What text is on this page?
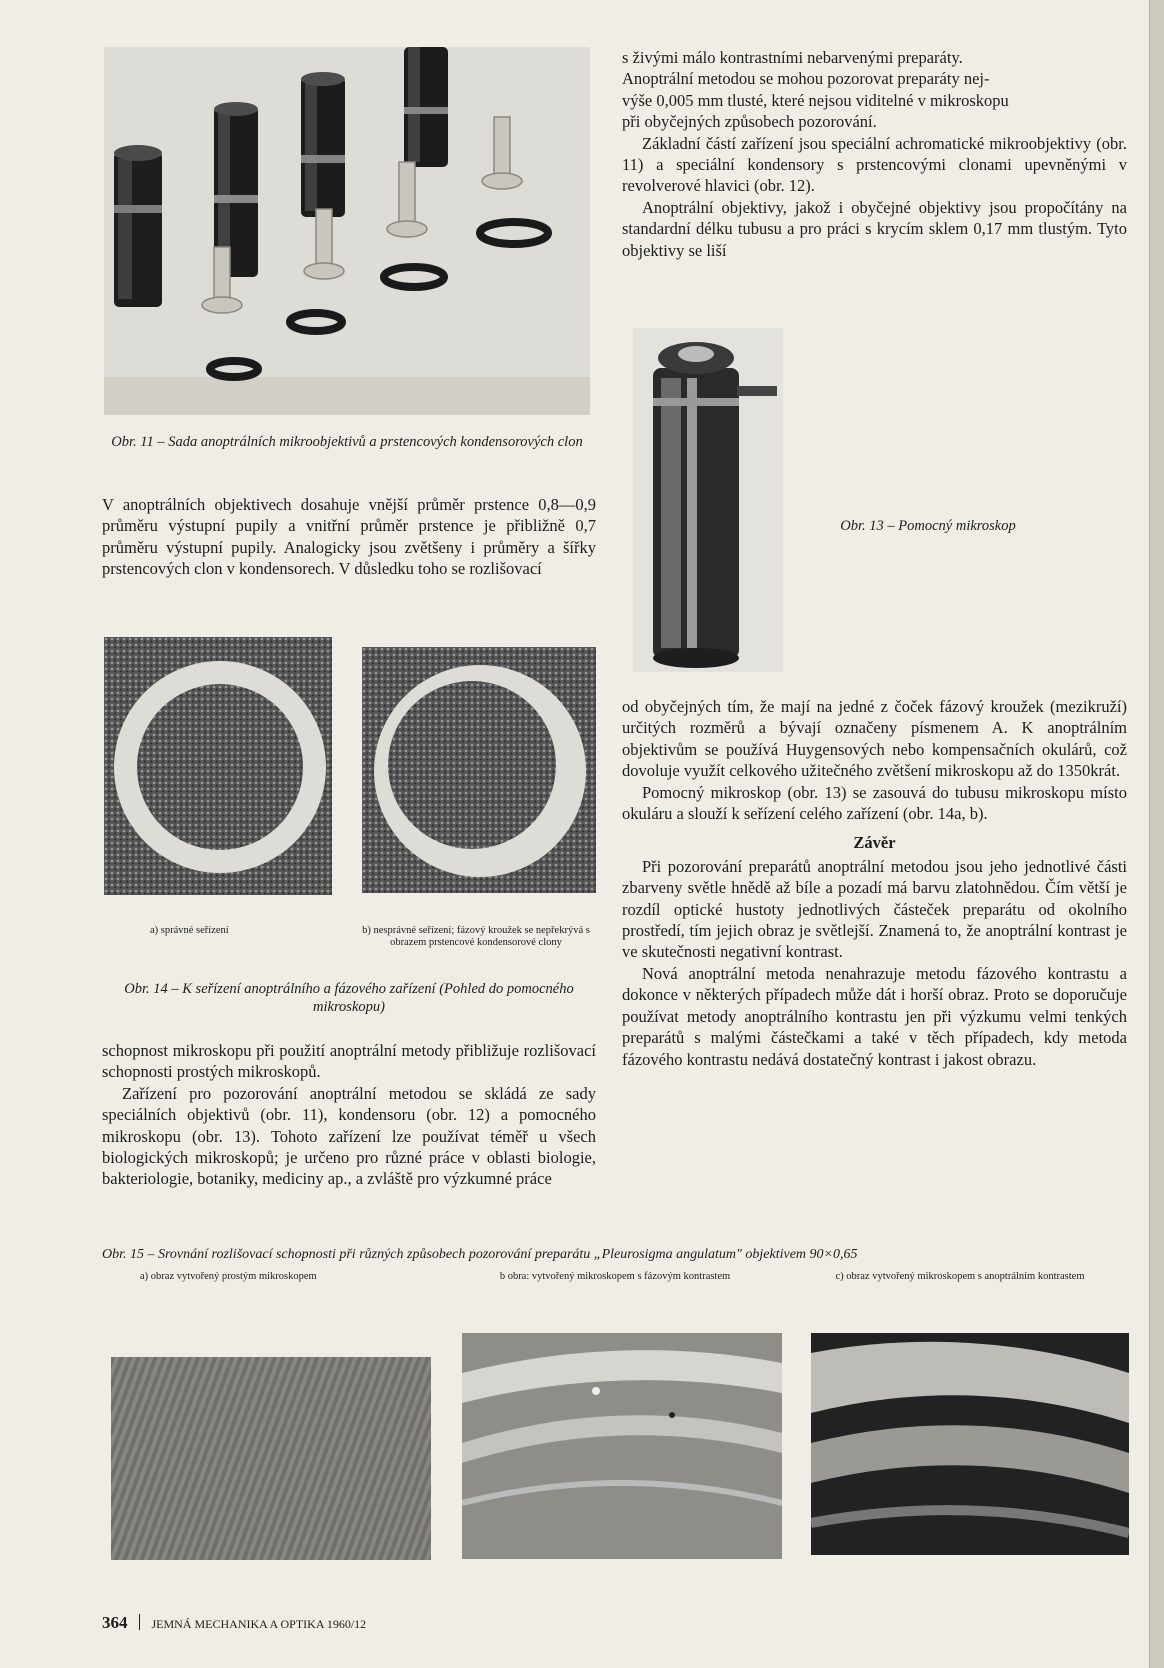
Obr. 11 – Sada anoptrálních mikroobjektivů a prstencových kondensorových clon

s živými málo kontrastními nebarvenými preparáty.

Anoptrální metodou se mohou pozorovat preparáty nej-

výše 0,005 mm tlusté, které nejsou viditelné v mikroskopu

při obyčejných způsobech pozorování.

Základní částí zařízení jsou speciální achromatické mikroobjektivy (obr. 11) a speciální kondensory s prstencovými clonami upevněnými v revolverové hlavici (obr. 12).

Anoptrální objektivy, jakož i obyčejné objektivy jsou propočítány na standardní délku tubusu a pro práci s krycím sklem 0,17 mm tlustým. Tyto objektivy se liší

Obr. 13 – Pomocný mikroskop

V anoptrálních objektivech dosahuje vnější průměr prstence 0,8—0,9 průměru výstupní pupily a vnitřní průměr prstence je přibližně 0,7 průměru výstupní pupily. Analogicky jsou zvětšeny i průměry a šířky prstencových clon v kondensorech. V důsledku toho se rozlišovací

a) správné seřízení	b) nesprávné seřízení; fázový kroužek se nepřekrývá s obrazem prstencové kondensorové clony
Obr. 14 – K seřízení anoptrálního a fázového zařízení (Pohled do pomocného mikroskopu)

schopnost mikroskopu při použití anoptrální metody přibližuje rozlišovací schopnosti prostých mikroskopů.

Zařízení pro pozorování anoptrální metodou se skládá ze sady speciálních objektivů (obr. 11), kondensoru (obr. 12) a pomocného mikroskopu (obr. 13). Tohoto zařízení lze používat téměř u všech biologických mikroskopů; je určeno pro různé práce v oblasti biologie, bakteriologie, botaniky, mediciny ap., a zvláště pro výzkumné práce

od obyčejných tím, že mají na jedné z čoček fázový kroužek (mezikruží) určitých rozměrů a bývají označeny písmenem A. K anoptrálním objektivům se používá Huygensových nebo kompensačních okulárů, což dovoluje využít celkového užitečného zvětšení mikroskopu až do 1350krát.

Pomocný mikroskop (obr. 13) se zasouvá do tubusu mikroskopu místo okuláru a slouží k seřízení celého zařízení (obr. 14a, b).

Závěr

Při pozorování preparátů anoptrální metodou jsou jeho jednotlivé části zbarveny světle hnědě až bíle a pozadí má barvu zlatohnědou. Čím větší je rozdíl optické hustoty jednotlivých částeček preparátu od okolního prostředí, tím jejich obraz je světlejší. Znamená to, že anoptrální kontrast je ve skutečnosti negativní kontrast.

Nová anoptrální metoda nenahrazuje metodu fázového kontrastu a dokonce v některých případech může dát i horší obraz. Proto se doporučuje používat metody anoptrálního kontrastu jen při výzkumu velmi tenkých preparátů s malými částečkami a také v těch případech, kdy metoda fázového kontrastu nedává dostatečný kontrast i jakost obrazu.

Obr. 15 – Srovnání rozlišovací schopnosti při různých způsobech pozorování preparátu „Pleurosigma angulatum" objektivem 90×0,65
a) obraz vytvořený prostým mikroskopem	b obra: vytvořený mikroskopem s fázovým kontrastem	c) obraz vytvořený mikroskopem s anoptrálním kontrastem
364 JEMNÁ MECHANIKA A OPTIKA 1960/12
